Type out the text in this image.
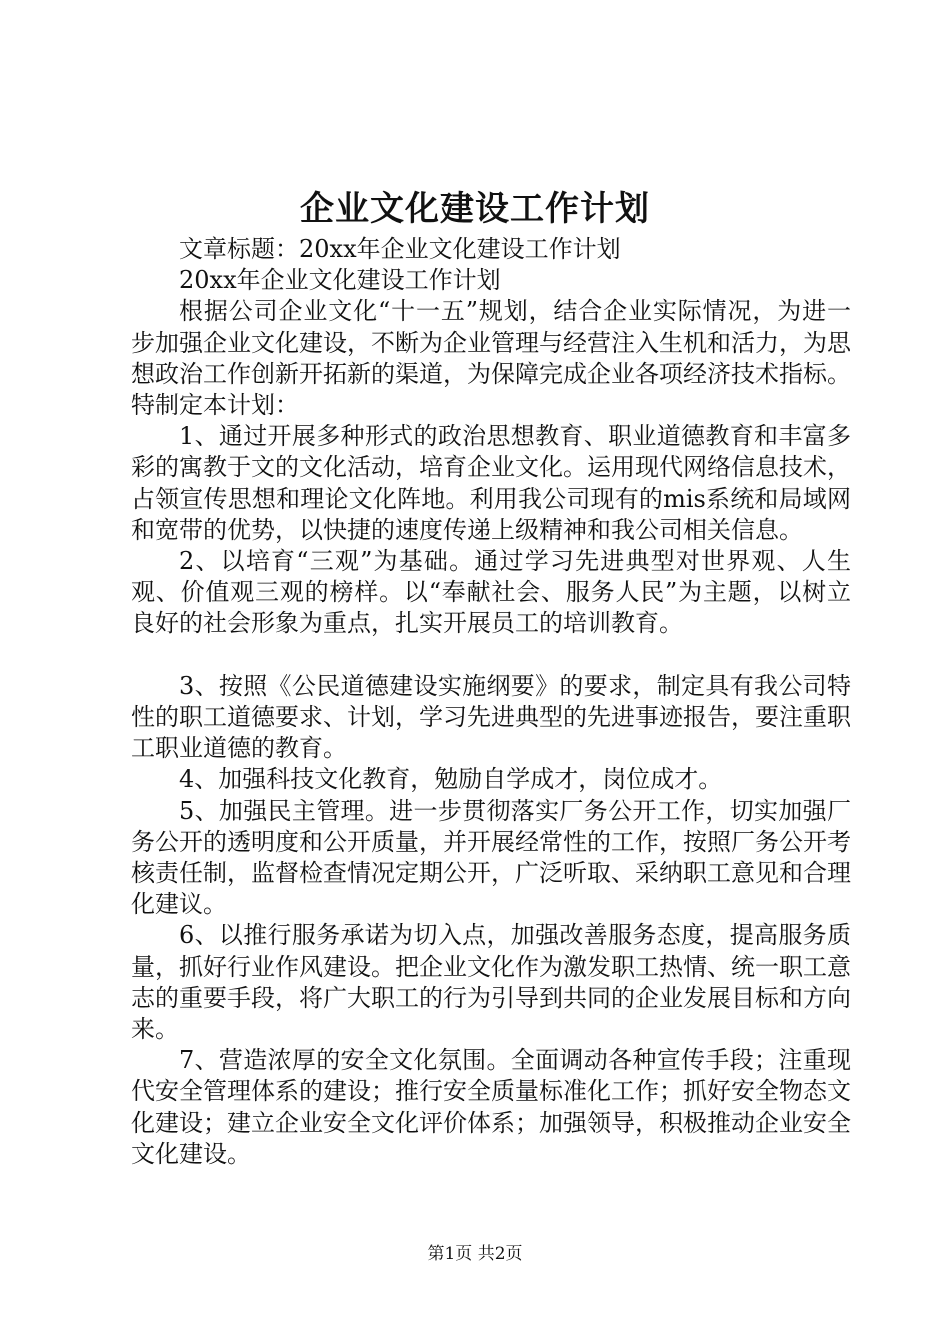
企业文化建设工作计划

文章标题：20xx年企业文化建设工作计划

20xx年企业文化建设工作计划

根据公司企业文化“十一五”规划，结合企业实际情况，为进一步加强企业文化建设，不断为企业管理与经营注入生机和活力，为思想政治工作创新开拓新的渠道，为保障完成企业各项经济技术指标。特制定本计划：

1、通过开展多种形式的政治思想教育、职业道德教育和丰富多彩的寓教于文的文化活动，培育企业文化。运用现代网络信息技术，占领宣传思想和理论文化阵地。利用我公司现有的mis系统和局域网和宽带的优势，以快捷的速度传递上级精神和我公司相关信息。

2、以培育“三观”为基础。通过学习先进典型对世界观、人生观、价值观三观的榜样。以“奉献社会、服务人民”为主题，以树立良好的社会形象为重点，扎实开展员工的培训教育。

3、按照《公民道德建设实施纲要》的要求，制定具有我公司特性的职工道德要求、计划，学习先进典型的先进事迹报告，要注重职工职业道德的教育。

4、加强科技文化教育，勉励自学成才，岗位成才。

5、加强民主管理。进一步贯彻落实厂务公开工作，切实加强厂务公开的透明度和公开质量，并开展经常性的工作，按照厂务公开考核责任制，监督检查情况定期公开，广泛听取、采纳职工意见和合理化建议。

6、以推行服务承诺为切入点，加强改善服务态度，提高服务质量，抓好行业作风建设。把企业文化作为激发职工热情、统一职工意志的重要手段，将广大职工的行为引导到共同的企业发展目标和方向来。

7、营造浓厚的安全文化氛围。全面调动各种宣传手段；注重现代安全管理体系的建设；推行安全质量标准化工作；抓好安全物态文化建设；建立企业安全文化评价体系；加强领导，积极推动企业安全文化建设。

第1页 共2页
